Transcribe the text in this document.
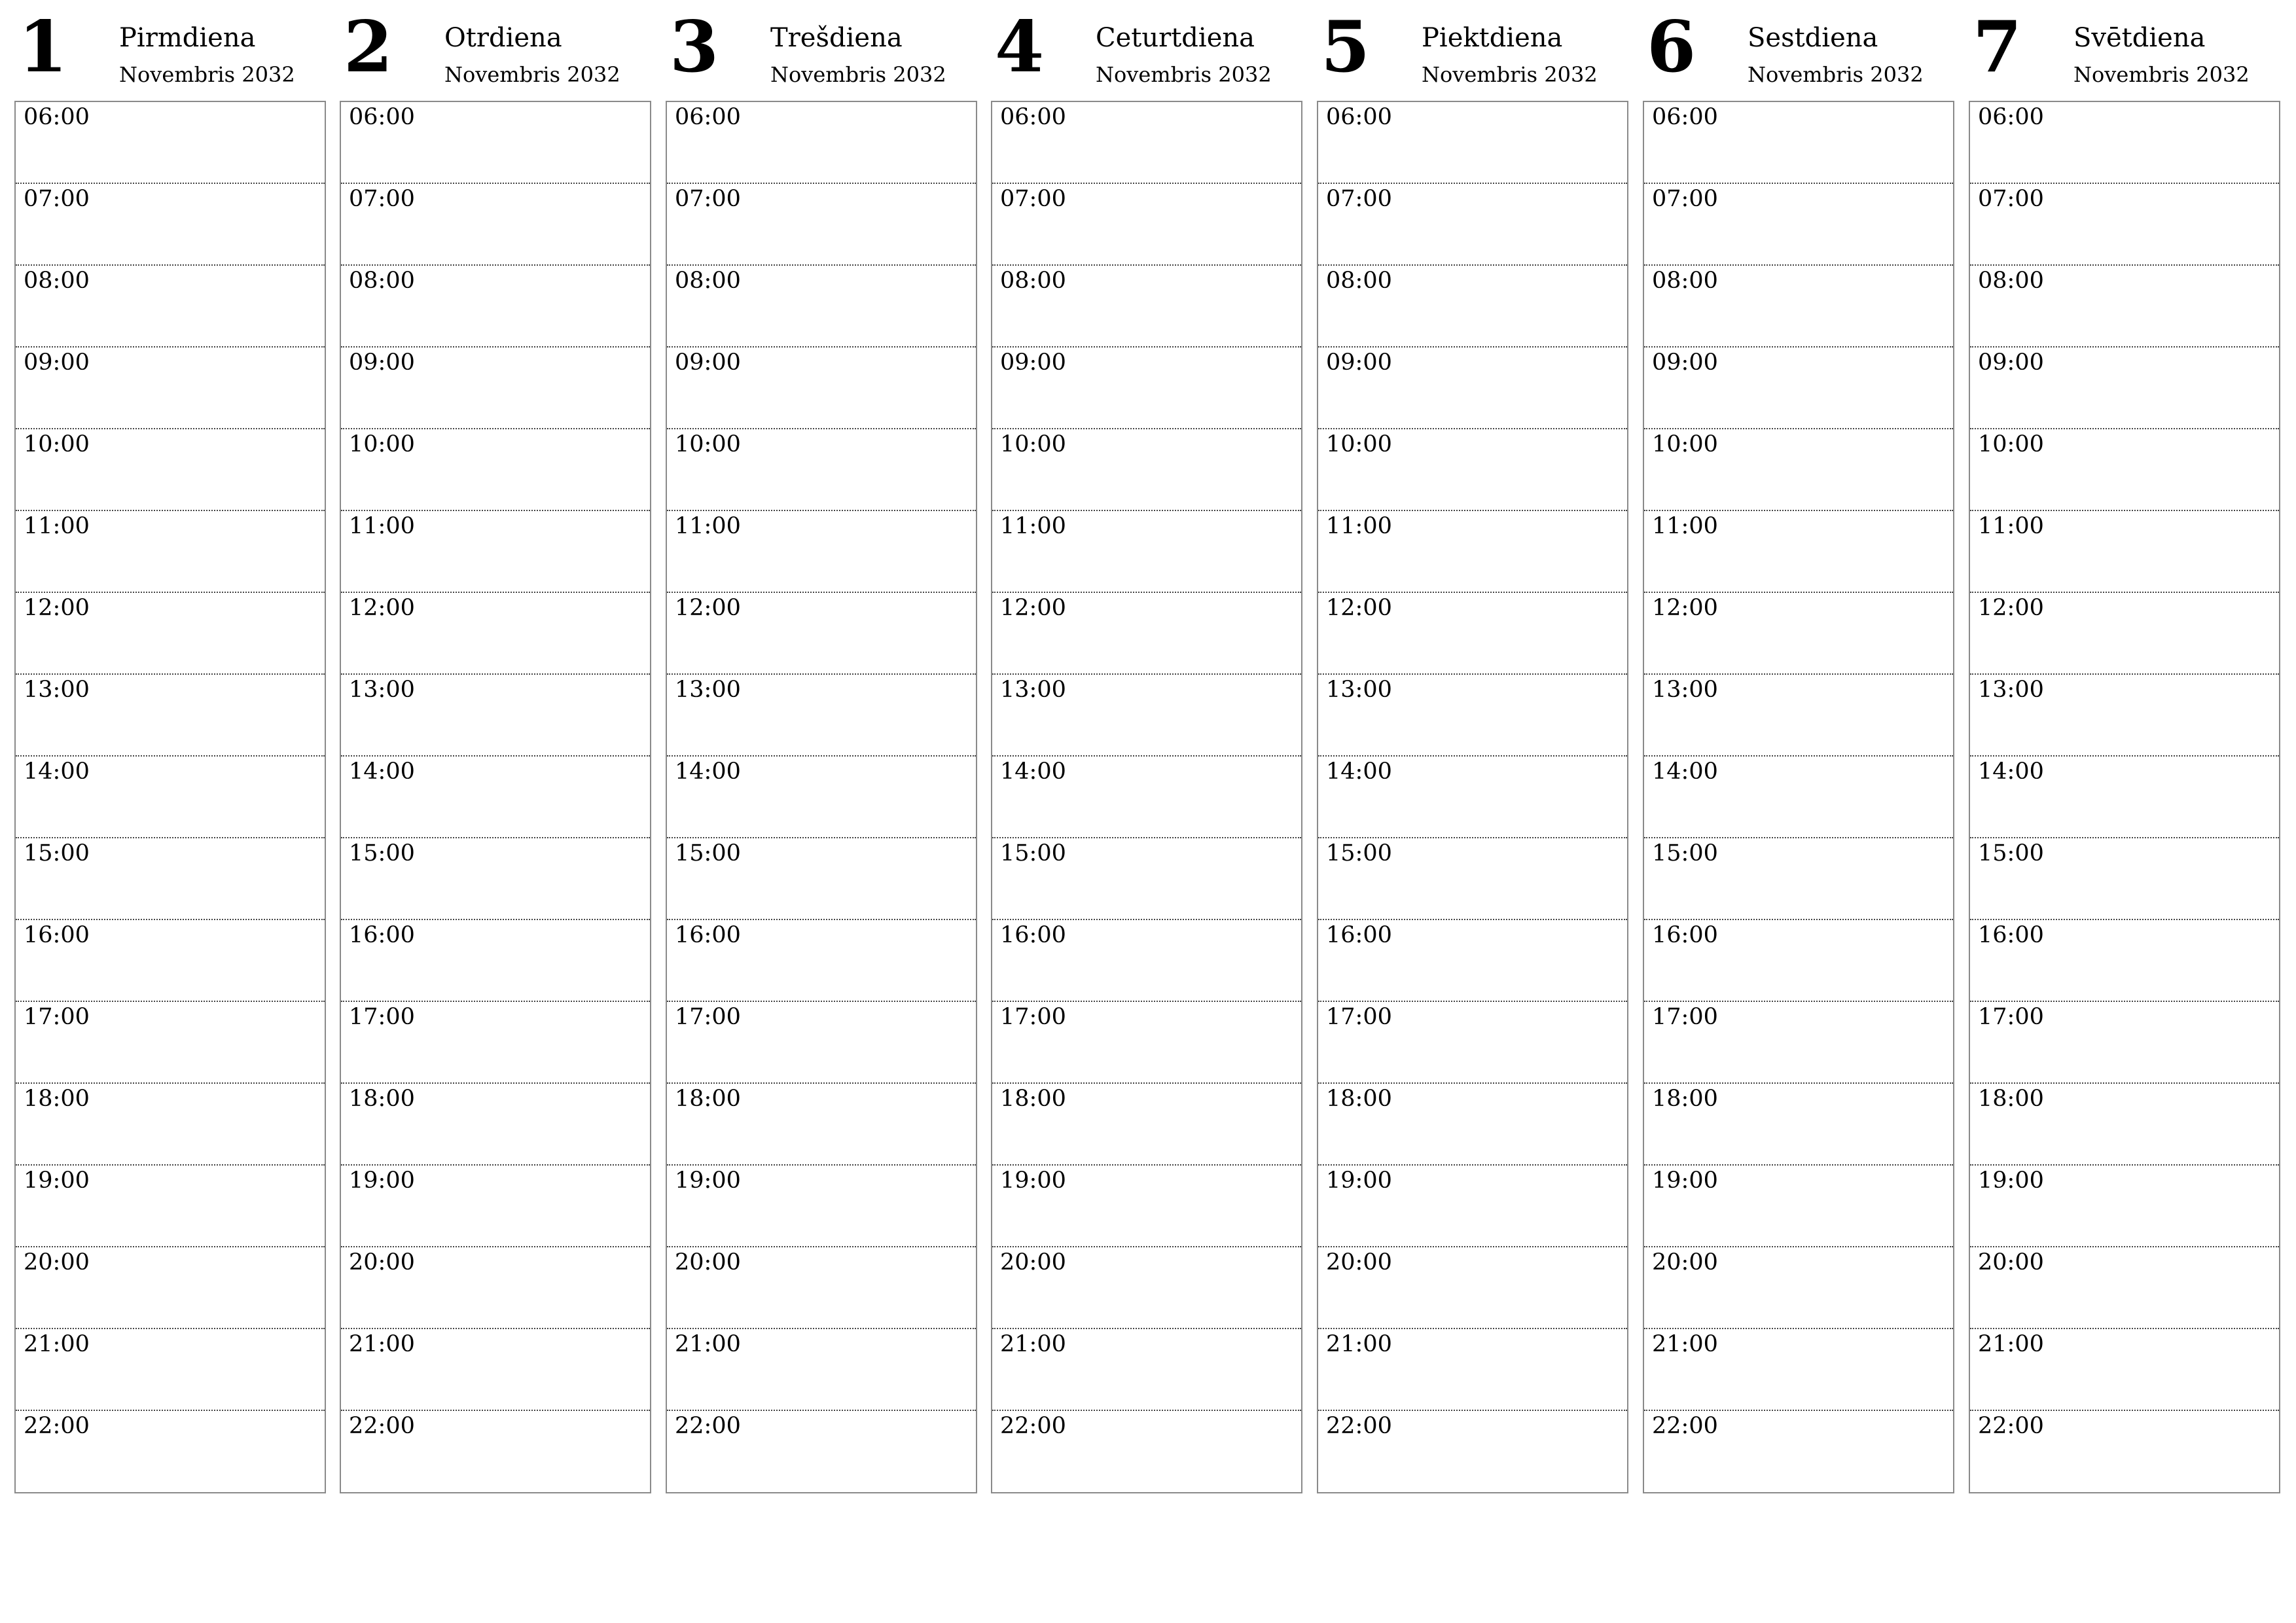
1 Pirmdiena
Novembris 2032
06:00
07:00
08:00
09:00
10:00
11:00
12:00
13:00
14:00
15:00
16:00
17:00
18:00
19:00
20:00
21:00
22:00
2 Otrdiena
Novembris 2032
06:00
07:00
08:00
09:00
10:00
11:00
12:00
13:00
14:00
15:00
16:00
17:00
18:00
19:00
20:00
21:00
22:00
3 Trešdiena
Novembris 2032
06:00
07:00
08:00
09:00
10:00
11:00
12:00
13:00
14:00
15:00
16:00
17:00
18:00
19:00
20:00
21:00
22:00
4 Ceturtdiena
Novembris 2032
06:00
07:00
08:00
09:00
10:00
11:00
12:00
13:00
14:00
15:00
16:00
17:00
18:00
19:00
20:00
21:00
22:00
5 Piektdiena
Novembris 2032
06:00
07:00
08:00
09:00
10:00
11:00
12:00
13:00
14:00
15:00
16:00
17:00
18:00
19:00
20:00
21:00
22:00
6 Sestdiena
Novembris 2032
06:00
07:00
08:00
09:00
10:00
11:00
12:00
13:00
14:00
15:00
16:00
17:00
18:00
19:00
20:00
21:00
22:00
7 Svētdiena
Novembris 2032
06:00
07:00
08:00
09:00
10:00
11:00
12:00
13:00
14:00
15:00
16:00
17:00
18:00
19:00
20:00
21:00
22:00
